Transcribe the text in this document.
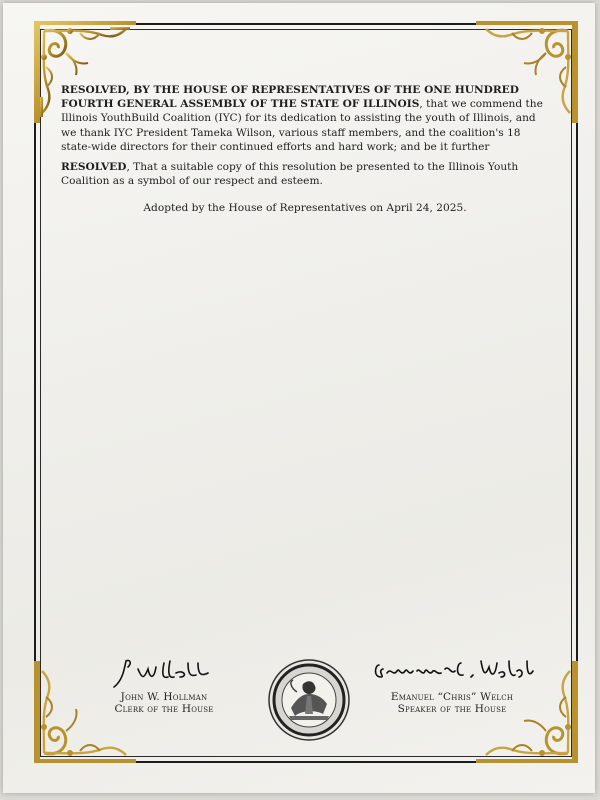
RESOLVED, BY THE HOUSE OF REPRESENTATIVES OF THE ONE HUNDRED FOURTH GENERAL ASSEMBLY OF THE STATE OF ILLINOIS, that we commend the Illinois YouthBuild Coalition (IYC) for its dedication to assisting the youth of Illinois, and we thank IYC President Tameka Wilson, various staff members, and the coalition's 18 state-wide directors for their continued efforts and hard work; and be it further
RESOLVED, That a suitable copy of this resolution be presented to the Illinois Youth Coalition as a symbol of our respect and esteem.
Adopted by the House of Representatives on April 24, 2025.
John W. Hollman
Clerk of the House
Emanuel “Chris” Welch
Speaker of the House
